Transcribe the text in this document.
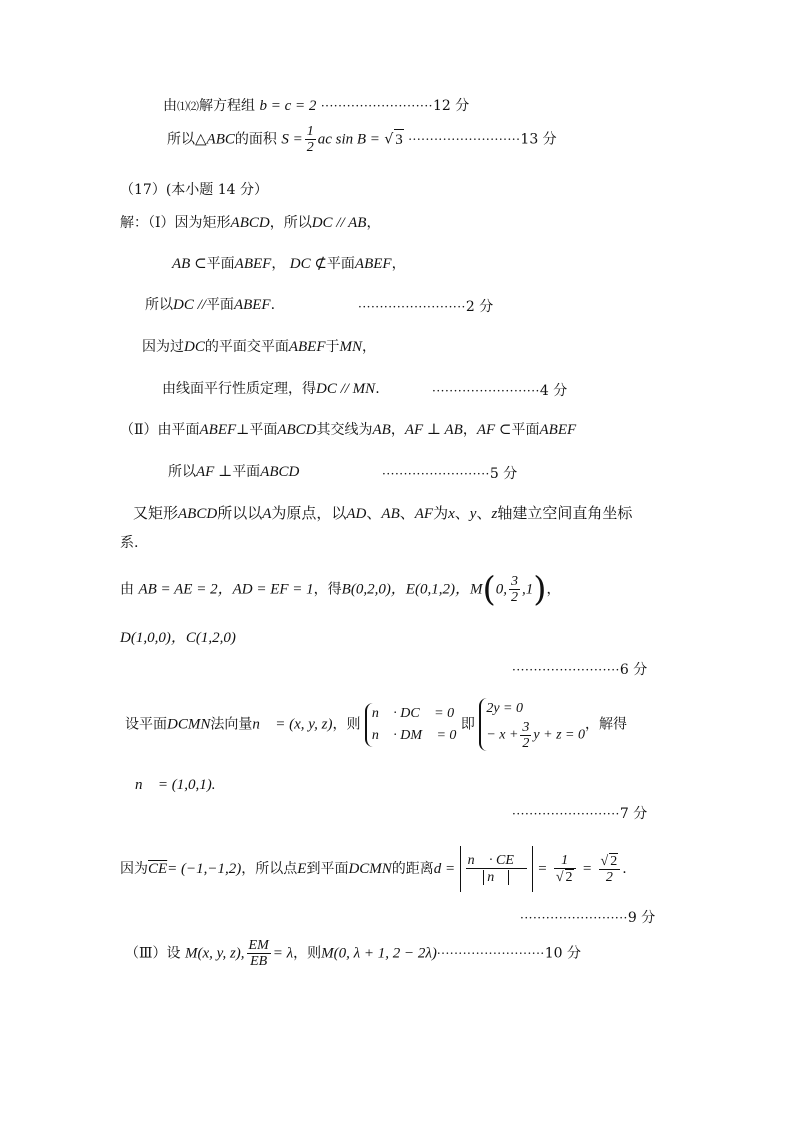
由⑴⑵解方程组 b = c = 2 ··························12 分
所以△ABC的面积 $S = \frac{1}{2}$ ac sin B = √ 3 ··························13 分
（17）(本小题 14 分）
解：（Ⅰ）因为矩形ABCD，所以DC // AB，
AB ⊂平面ABEF， DC ⊄平面ABEF，
所以DC //平面ABEF.	·························2 分
因为过DC的平面交平面ABEF于MN，
由线面平行性质定理，得DC // MN.	·························4 分
（Ⅱ）由平面ABEF⊥平面ABCD其交线为AB，AF ⊥ AB，AF ⊂平面ABEF
所以AF ⊥平面ABCD	·························5 分
又矩形ABCD所以以A为原点，以AD、AB、AF为x、y、z轴建立空间直角坐标
系.
由 AB = AE = 2，AD = EF = 1，得B(0,2,0)，E(0,1,2)，M(0, $\frac{3}{2} ,1$)，
D(1,0,0)，C(1,2,0)
·························6 分
设平面DCMN法向量n⃗ = (x, y, z)，则
n⃗ · DC⃗ = 0
n⃗ · DM⃗ = 0
即
2y = 0
− $x + \frac{3}{2}$ y + z = 0
，解得
n⃗ = (1,0,1).
·························7 分
因为$\overline{CE}= (-1,-1,2)$，所以点E到平面DCMN的距离$d = \frac{n⃗ \cdot CE⃗}{n⃗} = \frac{1}{√ 2} = \frac{√ 2}{2}$ .
·························9 分
（Ⅲ）设 M(x, y, z), $\frac{EM}{EB} = \lambda$，则M(0, λ + 1, 2 − 2λ)·························10 分
